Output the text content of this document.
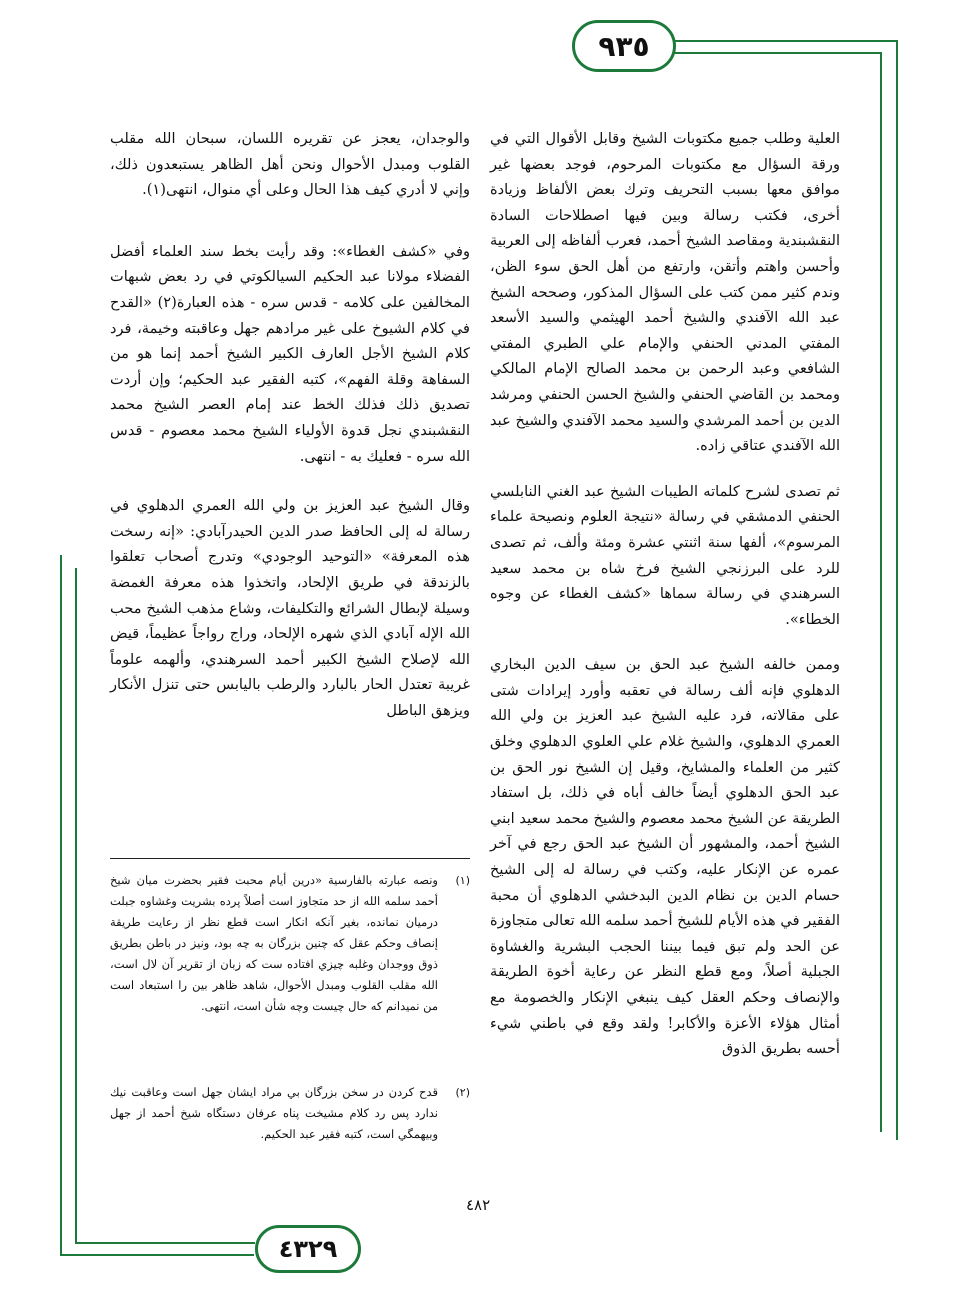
٩٣٥

العلية وطلب جميع مكتوبات الشيخ وقابل الأقوال التي في ورقة السؤال مع مكتوبات المرحوم، فوجد بعضها غير موافق معها بسبب التحريف وترك بعض الألفاظ وزيادة أخرى، فكتب رسالة وبين فيها اصطلاحات السادة النقشبندية ومقاصد الشيخ أحمد، فعرب ألفاظه إلى العربية وأحسن واهتم وأتقن، وارتفع من أهل الحق سوء الظن، وندم كثير ممن كتب على السؤال المذكور، وصححه الشيخ عبد الله الآفندي والشيخ أحمد الهيثمي والسيد الأسعد المفتي المدني الحنفي والإمام علي الطبري المفتي الشافعي وعبد الرحمن بن محمد الصالح الإمام المالكي ومحمد بن القاضي الحنفي والشيخ الحسن الحنفي ومرشد الدين بن أحمد المرشدي والسيد محمد الآفندي والشيخ عبد الله الآفندي عتاقي زاده.

ثم تصدى لشرح كلماته الطيبات الشيخ عبد الغني النابلسي الحنفي الدمشقي في رسالة «نتيجة العلوم ونصيحة علماء المرسوم»، ألفها سنة اثنتي عشرة ومئة وألف، ثم تصدى للرد على البرزنجي الشيخ فرخ شاه بن محمد سعيد السرهندي في رسالة سماها «كشف الغطاء عن وجوه الخطاء».

وممن خالفه الشيخ عبد الحق بن سيف الدين البخاري الدهلوي فإنه ألف رسالة في تعقبه وأورد إيرادات شتى على مقالاته، فرد عليه الشيخ عبد العزيز بن ولي الله العمري الدهلوي، والشيخ غلام علي العلوي الدهلوي وخلق كثير من العلماء والمشايخ، وقيل إن الشيخ نور الحق بن عبد الحق الدهلوي أيضاً خالف أباه في ذلك، بل استفاد الطريقة عن الشيخ محمد معصوم والشيخ محمد سعيد ابني الشيخ أحمد، والمشهور أن الشيخ عبد الحق رجع في آخر عمره عن الإنكار عليه، وكتب في رسالة له إلى الشيخ حسام الدين بن نظام الدين البدخشي الدهلوي أن محبة الفقير في هذه الأيام للشيخ أحمد سلمه الله تعالى متجاوزة عن الحد ولم تبق فيما بيننا الحجب البشرية والغشاوة الجبلية أصلاً، ومع قطع النظر عن رعاية أخوة الطريقة والإنصاف وحكم العقل كيف ينبغي الإنكار والخصومة مع أمثال هؤلاء الأعزة والأكابر! ولقد وقع في باطني شيء أحسه بطريق الذوق

والوجدان، يعجز عن تقريره اللسان، سبحان الله مقلب القلوب ومبدل الأحوال ونحن أهل الظاهر يستبعدون ذلك، وإني لا أدري كيف هذا الحال وعلى أي منوال، انتهى(١).

وفي «كشف الغطاء»: وقد رأيت بخط سند العلماء أفضل الفضلاء مولانا عبد الحكيم السيالكوتي في رد بعض شبهات المخالفين على كلامه - قدس سره - هذه العبارة(٢) «القدح في كلام الشيوخ على غير مرادهم جهل وعاقبته وخيمة، فرد كلام الشيخ الأجل العارف الكبير الشيخ أحمد إنما هو من السفاهة وقلة الفهم»، كتبه الفقير عبد الحكيم؛ وإن أردت تصديق ذلك فذلك الخط عند إمام العصر الشيخ محمد النقشبندي نجل قدوة الأولياء الشيخ محمد معصوم - قدس الله سره - فعليك به - انتهى.

وقال الشيخ عبد العزيز بن ولي الله العمري الدهلوي في رسالة له إلى الحافظ صدر الدين الحيدرآبادي: «إنه رسخت هذه المعرفة» «التوحيد الوجودي» وتدرج أصحاب تعلقوا بالزندقة في طريق الإلحاد، واتخذوا هذه معرفة الغمضة وسيلة لإبطال الشرائع والتكليفات، وشاع مذهب الشيخ محب الله الإله آبادي الذي شهره الإلحاد، وراج رواجاً عظيماً، قيض الله لإصلاح الشيخ الكبير أحمد السرهندي، وألهمه علوماً غريبة تعتدل الحار بالبارد والرطب باليابس حتى تنزل الأنكار ويزهق الباطل

(١)
ونصه عبارته بالفارسية «درين أيام محبت فقير بحضرت ميان شيخ أحمد سلمه الله از حد متجاوز است أصلاً پرده بشريت وغشاوه جبلت درميان نمانده، بغير آنكه انكار است قطع نظر از رعايت طريقة إنصاف وحكم عقل كه چنين بزرگان به چه بود، ونيز در باطن بطريق ذوق ووجدان وغلبه چيزي افتاده ست كه زبان از تقرير آن لال است، الله مقلب القلوب ومبدل الأحوال، شاهد ظاهر بين را استبعاد است من نميدانم كه حال چيست وچه شأن است، انتهى.
(٢)
قدح كردن در سخن بزرگان بي مراد ايشان جهل است وعاقبت نيك ندارد پس رد كلام مشيخت پناه عرفان دستگاه شيخ أحمد از جهل وبيهمگي است، كتبه فقير عبد الحكيم.
٤٨٢
٤٣٢٩
